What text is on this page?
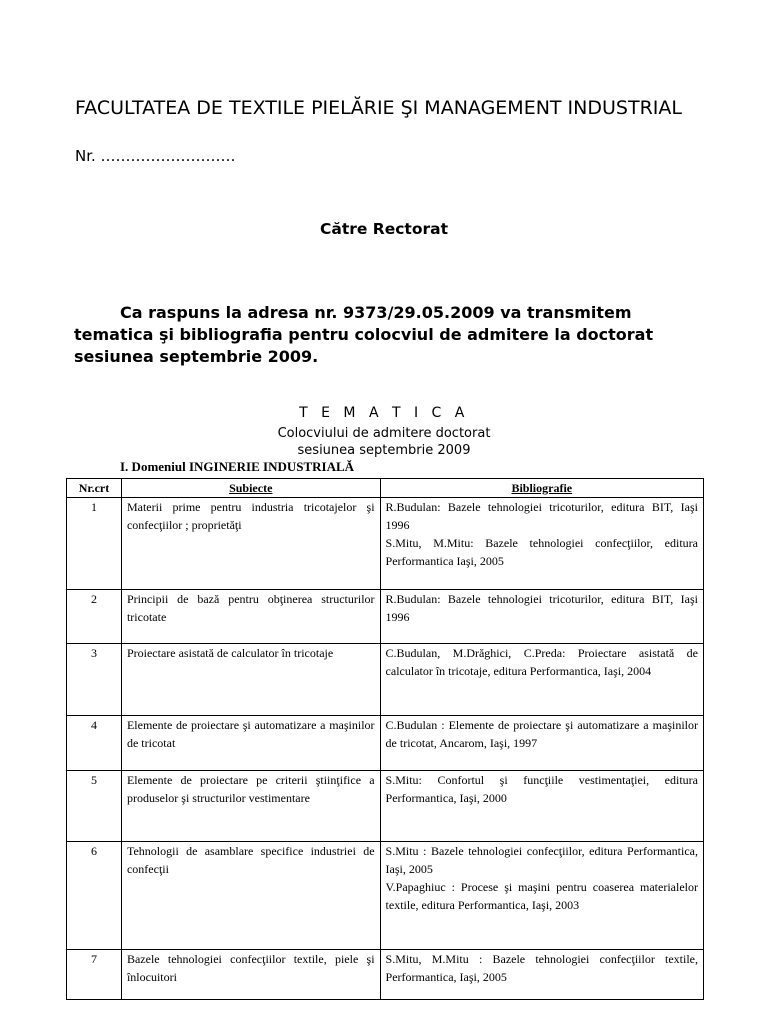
FACULTATEA DE TEXTILE PIELĂRIE ŞI MANAGEMENT INDUSTRIAL
Nr. ………………………
Către Rectorat

Ca raspuns la adresa nr. 9373/29.05.2009 va transmitem tematica şi bibliografia pentru colocviul de admitere la doctorat sesiunea septembrie 2009.

T E M A T I C A
Colocviului de admitere doctorat
sesiunea septembrie 2009
I. Domeniul INGINERIE INDUSTRIALĂ
Nr.crt	Subiecte	Bibliografie
1	Materii prime pentru industria tricotajelor şi confecţiilor ; proprietăţi	R.Budulan: Bazele tehnologiei tricoturilor, editura BIT, Iaşi 1996
S.Mitu, M.Mitu: Bazele tehnologiei confecţiilor, editura Performantica Iaşi, 2005

2	Principii de bază pentru obţinerea structurilor tricotate	R.Budulan: Bazele tehnologiei tricoturilor, editura BIT, Iaşi 1996

3	Proiectare asistată de calculator în tricotaje	C.Budulan, M.Drăghici, C.Preda: Proiectare asistată de calculator în tricotaje, editura Performantica, Iaşi, 2004

4	Elemente de proiectare şi automatizare a maşinilor de tricotat	C.Budulan : Elemente de proiectare şi automatizare a maşinilor de tricotat, Ancarom, Iaşi, 1997

5	Elemente de proiectare pe criterii ştiinţifice a produselor şi structurilor vestimentare	S.Mitu: Confortul şi funcţiile vestimentaţiei, editura Performantica, Iaşi, 2000

6	Tehnologii de asamblare specifice industriei de confecţii	S.Mitu : Bazele tehnologiei confecţiilor, editura Performantica, Iaşi, 2005
V.Papaghiuc : Procese şi maşini pentru coaserea materialelor textile, editura Performantica, Iaşi, 2003

7	Bazele tehnologiei confecţiilor textile, piele şi înlocuitori	S.Mitu, M.Mitu : Bazele tehnologiei confecţiilor textile, Performantica, Iaşi, 2005
